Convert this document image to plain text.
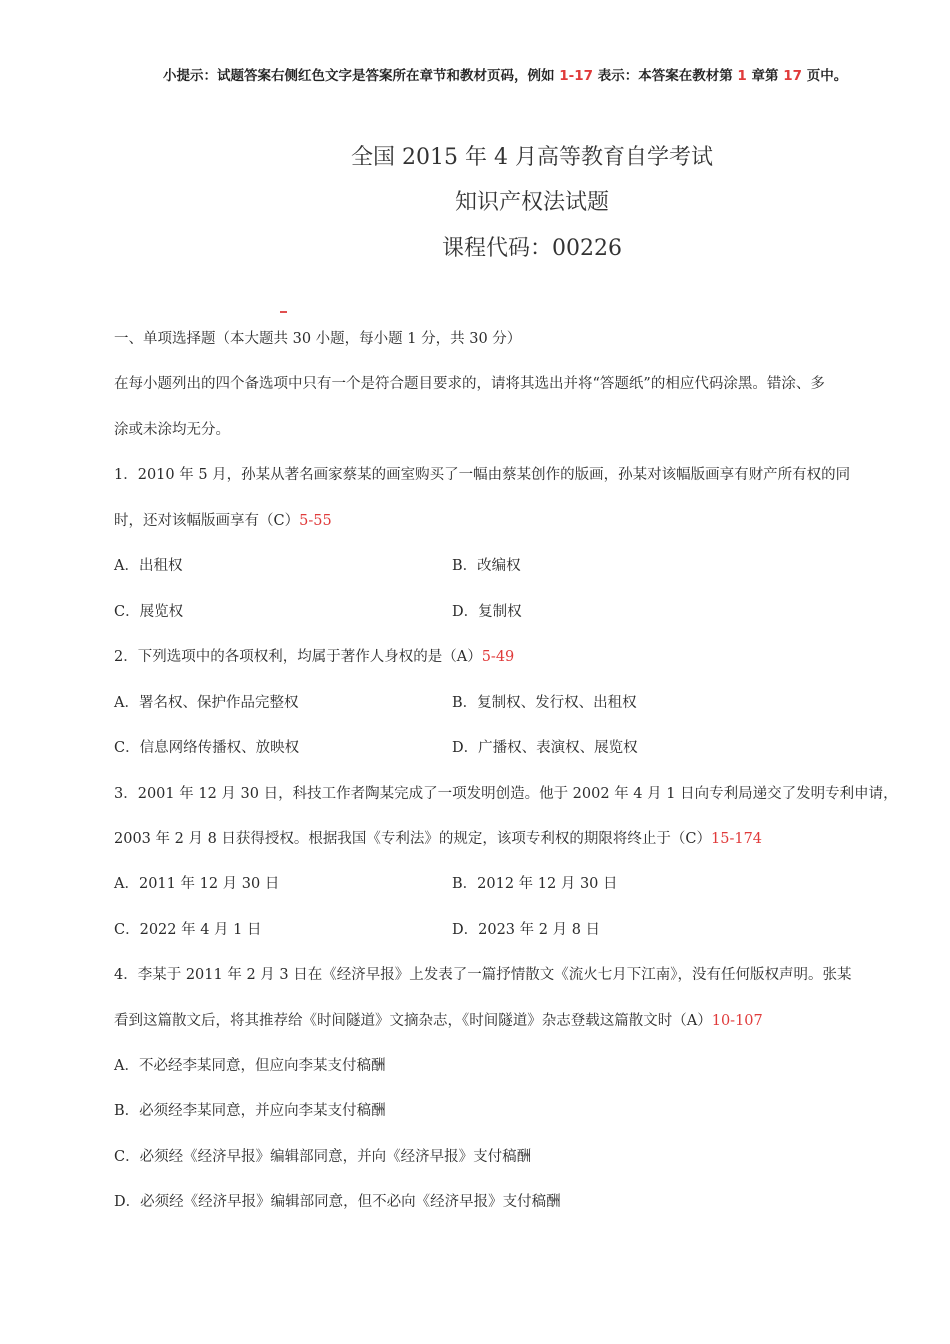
小提示：试题答案右侧红色文字是答案所在章节和教材页码，例如 1-17 表示：本答案在教材第 1 章第 17 页中。
全国 2015 年 4 月高等教育自学考试
知识产权法试题
课程代码：00226
一、单项选择题（本大题共 30 小题，每小题 1 分，共 30 分）
在每小题列出的四个备选项中只有一个是符合题目要求的，请将其选出并将“答题纸”的相应代码涂黑。错涂、多
涂或未涂均无分。
1．2010 年 5 月，孙某从著名画家蔡某的画室购买了一幅由蔡某创作的版画，孙某对该幅版画享有财产所有权的同
时，还对该幅版画享有（C）5-55
A．出租权	B．改编权
C．展览权	D．复制权
2．下列选项中的各项权利，均属于著作人身权的是（A）5-49
A．署名权、保护作品完整权	B．复制权、发行权、出租权
C．信息网络传播权、放映权	D．广播权、表演权、展览权
3．2001 年 12 月 30 日，科技工作者陶某完成了一项发明创造。他于 2002 年 4 月 1 日向专利局递交了发明专利申请，
2003 年 2 月 8 日获得授权。根据我国《专利法》的规定，该项专利权的期限将终止于（C）15-174
A．2011 年 12 月 30 日	B．2012 年 12 月 30 日
C．2022 年 4 月 1 日	D．2023 年 2 月 8 日
4．李某于 2011 年 2 月 3 日在《经济早报》上发表了一篇抒情散文《流火七月下江南》，没有任何版权声明。张某
看到这篇散文后，将其推荐给《时间隧道》文摘杂志，《时间隧道》杂志登载这篇散文时（A）10-107
A．不必经李某同意，但应向李某支付稿酬
B．必须经李某同意，并应向李某支付稿酬
C．必须经《经济早报》编辑部同意，并向《经济早报》支付稿酬
D．必须经《经济早报》编辑部同意，但不必向《经济早报》支付稿酬
